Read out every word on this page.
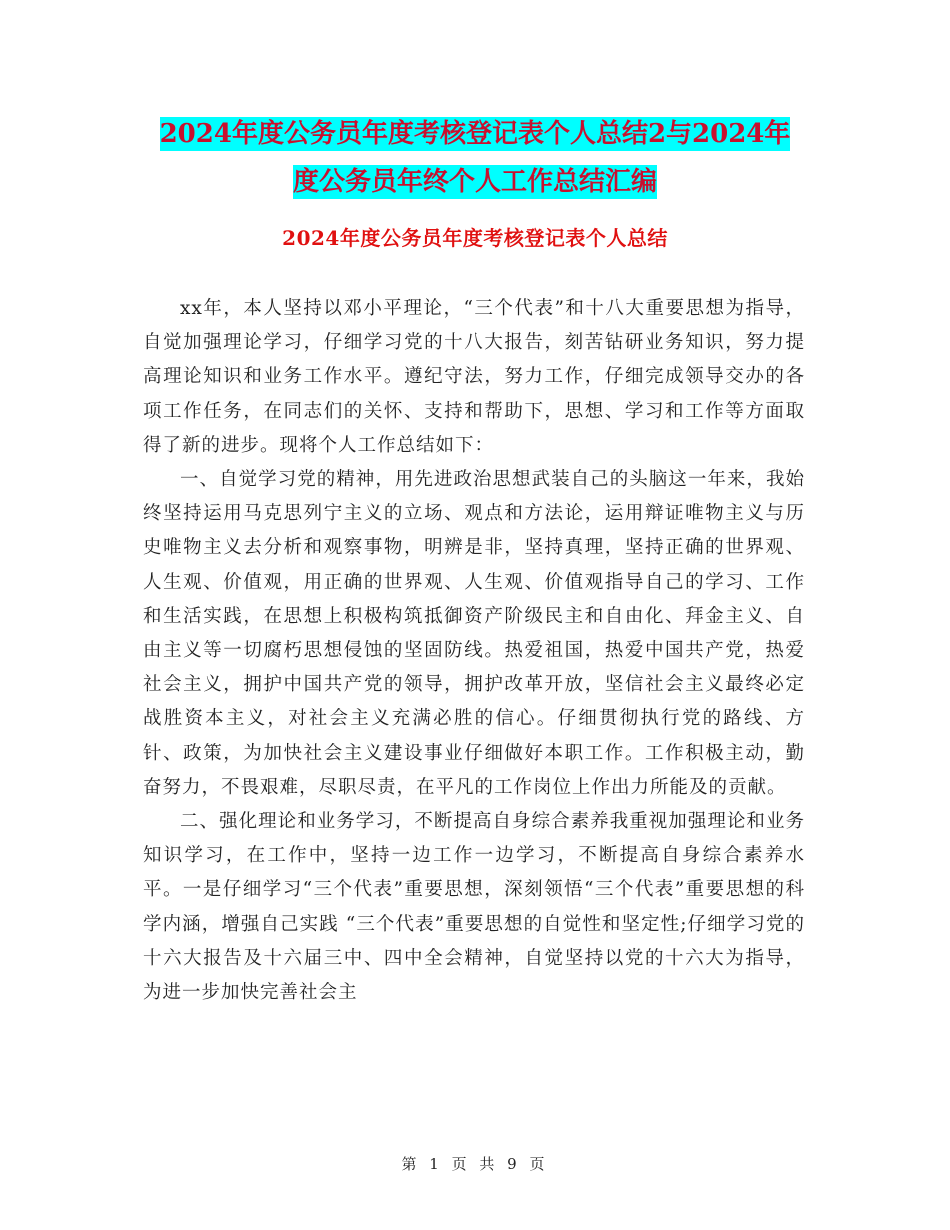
2024年度公务员年度考核登记表个人总结2与2024年
度公务员年终个人工作总结汇编
2024年度公务员年度考核登记表个人总结

xx年，本人坚持以邓小平理论，“三个代表”和十八大重要思想为指导，自觉加强理论学习，仔细学习党的十八大报告，刻苦钻研业务知识，努力提高理论知识和业务工作水平。遵纪守法，努力工作，仔细完成领导交办的各项工作任务，在同志们的关怀、支持和帮助下，思想、学习和工作等方面取得了新的进步。现将个人工作总结如下：

一、自觉学习党的精神，用先进政治思想武装自己的头脑这一年来，我始终坚持运用马克思列宁主义的立场、观点和方法论，运用辩证唯物主义与历史唯物主义去分析和观察事物，明辨是非，坚持真理，坚持正确的世界观、人生观、价值观，用正确的世界观、人生观、价值观指导自己的学习、工作和生活实践，在思想上积极构筑抵御资产阶级民主和自由化、拜金主义、自由主义等一切腐朽思想侵蚀的坚固防线。热爱祖国，热爱中国共产党，热爱社会主义，拥护中国共产党的领导，拥护改革开放，坚信社会主义最终必定战胜资本主义，对社会主义充满必胜的信心。仔细贯彻执行党的路线、方针、政策，为加快社会主义建设事业仔细做好本职工作。工作积极主动，勤奋努力，不畏艰难，尽职尽责，在平凡的工作岗位上作出力所能及的贡献。

二、强化理论和业务学习，不断提高自身综合素养我重视加强理论和业务知识学习，在工作中，坚持一边工作一边学习，不断提高自身综合素养水平。一是仔细学习“三个代表”重要思想，深刻领悟“三个代表”重要思想的科学内涵，增强自己实践 “三个代表”重要思想的自觉性和坚定性;仔细学习党的十六大报告及十六届三中、四中全会精神，自觉坚持以党的十六大为指导，为进一步加快完善社会主

第 1 页 共 9 页
